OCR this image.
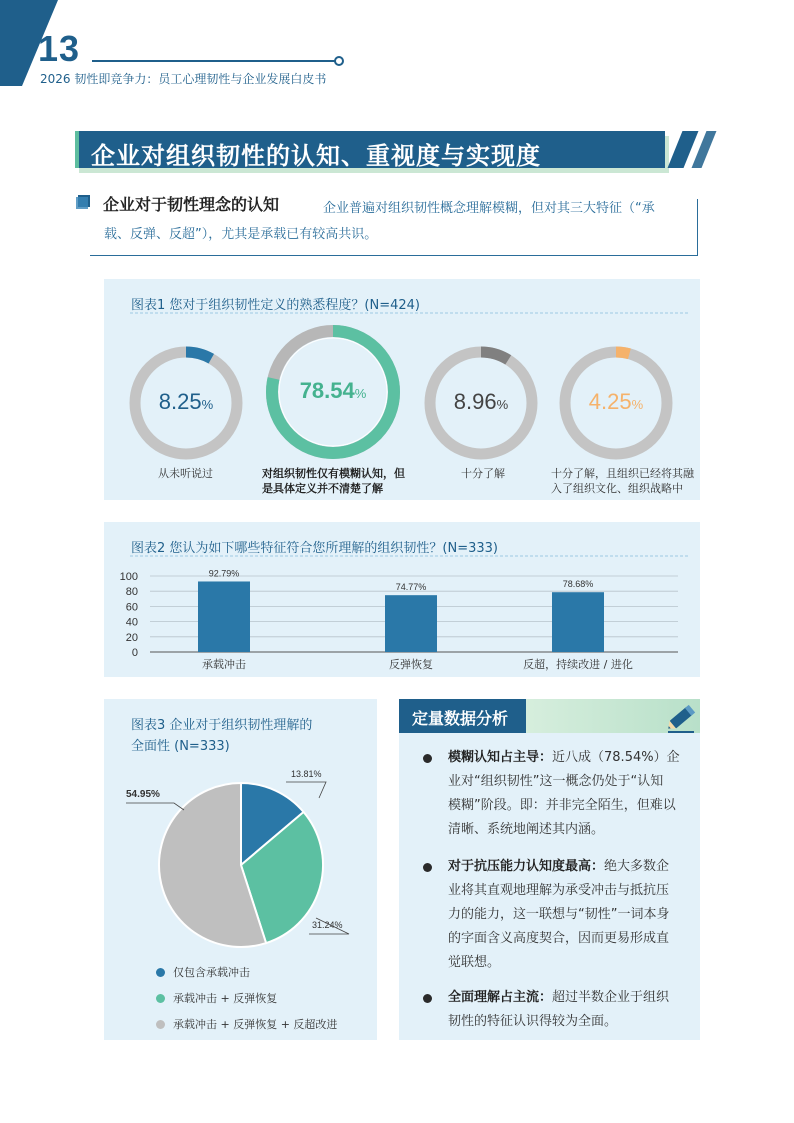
13
2026 韧性即竞争力：员工心理韧性与企业发展白皮书
企业对组织韧性的认知、重视度与实现度
企业对于韧性理念的认知	企业普遍对组织韧性概念理解模糊，但对其三大特征（“承
载、反弹、反超”），尤其是承载已有较高共识。
图表1 您对于组织韧性定义的熟悉程度？(N=424)
8.25%
从未听说过
78.54%
对组织韧性仅有模糊认知，但
是具体定义并不清楚了解
8.96%
十分了解
4.25%
十分了解，且组织已经将其融
入了组织文化、组织战略中
图表2 您认为如下哪些特征符合您所理解的组织韧性？(N=333)
100
80
60
40
20
0
92.79%
承载冲击
74.77%
反弹恢复
78.68%
反超，持续改进 / 进化
图表3 企业对于组织韧性理解的
全面性 (N=333)
13.81%
31.24%
54.95%
仅包含承载冲击
承载冲击 + 反弹恢复
承载冲击 + 反弹恢复 + 反超改进
定量数据分析
模糊认知占主导：近八成（78.54%）企
业对“组织韧性”这一概念仍处于“认知
模糊”阶段。即：并非完全陌生，但难以
清晰、系统地阐述其内涵。
对于抗压能力认知度最高：绝大多数企
业将其直观地理解为承受冲击与抵抗压
力的能力，这一联想与“韧性”一词本身
的字面含义高度契合，因而更易形成直
觉联想。
全面理解占主流：超过半数企业于组织
韧性的特征认识得较为全面。
